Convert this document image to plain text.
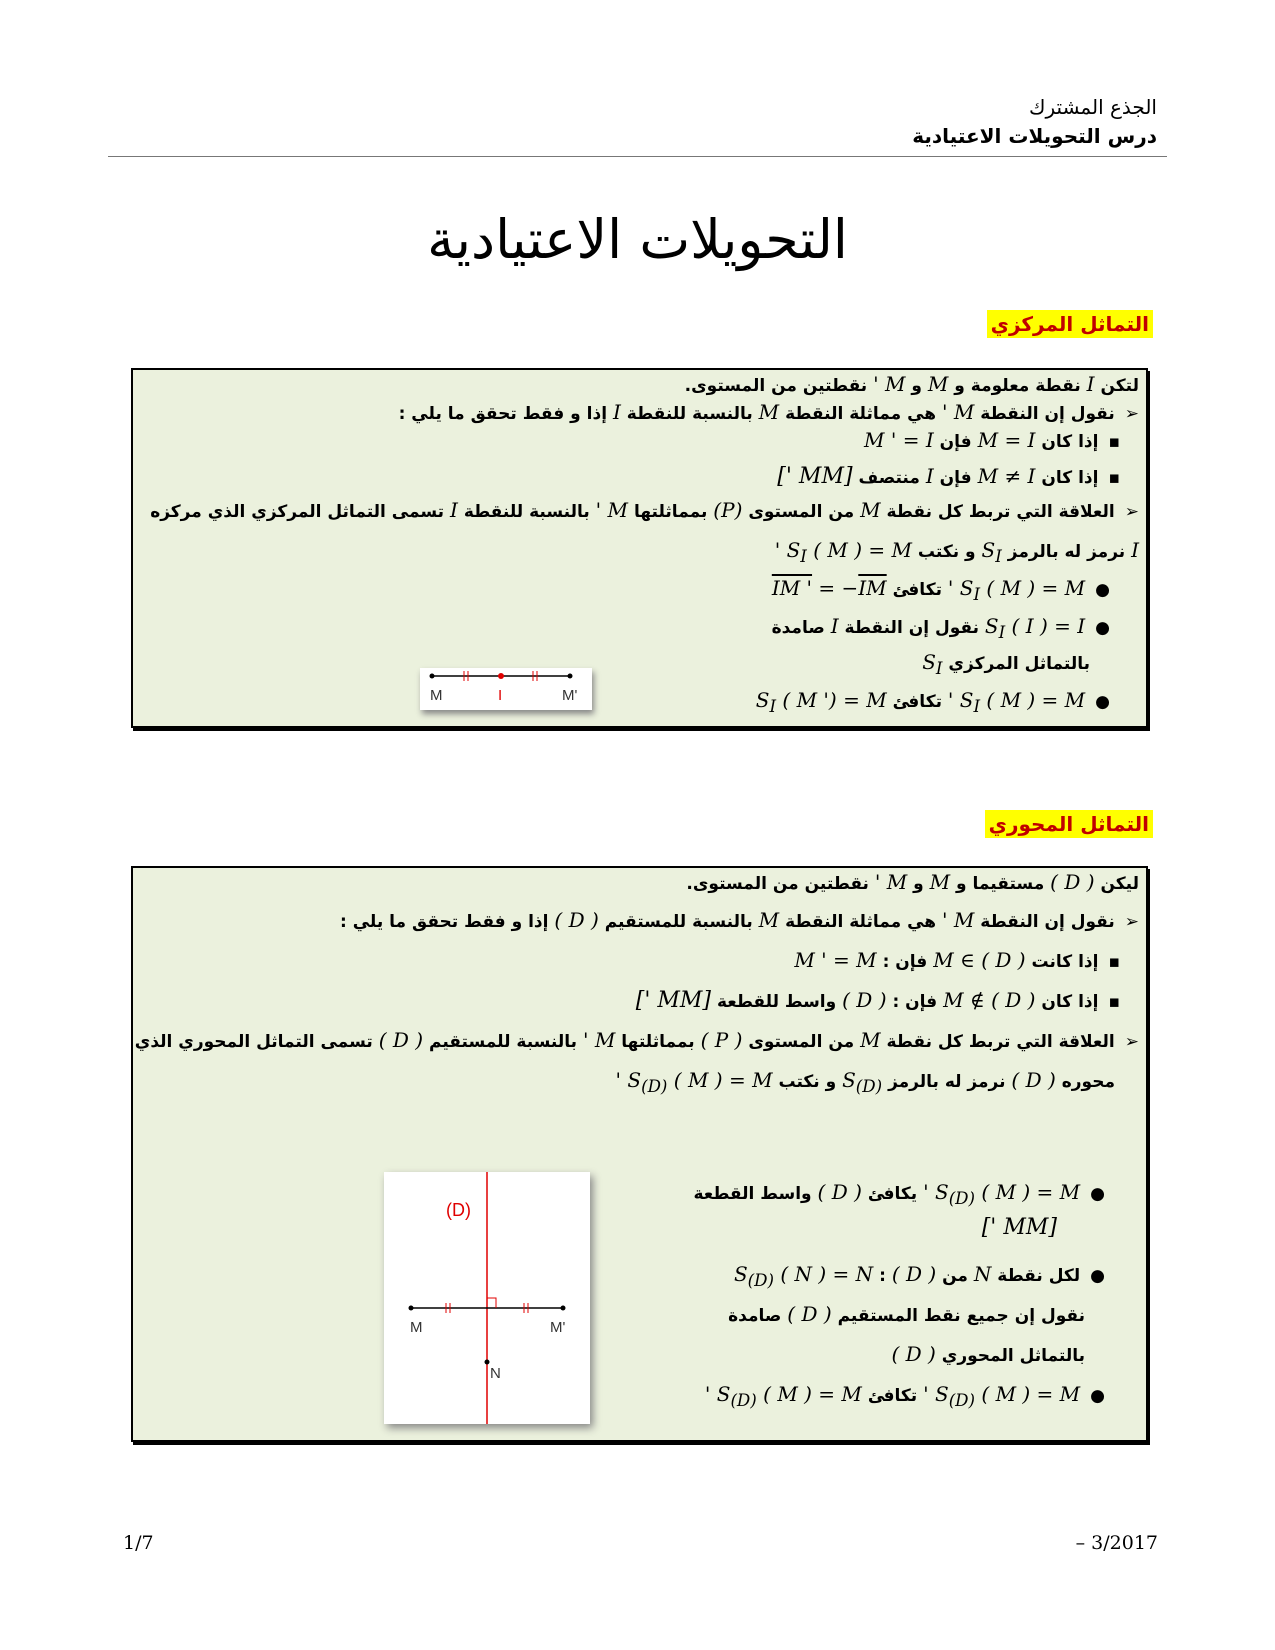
الجذع المشترك
درس التحويلات الاعتيادية
التحويلات الاعتيادية
التماثل المركزي
لتكن I نقطة معلومة و M و M ' نقطتين من المستوى.
➢نقول إن النقطة M ' هي مماثلة النقطة M بالنسبة للنقطة I إذا و فقط تحقق ما يلي :
▪إذا كان M = I فإن M ' = I
▪إذا كان M ≠ I فإن I منتصف [MM ']
➢العلاقة التي تربط كل نقطة M من المستوى (P) بمماثلتها M ' بالنسبة للنقطة I تسمى التماثل المركزي الذي مركزه
I نرمز له بالرمز $S_I$ و نكتب $S_I$ ( M ) = M '
$●S_I$ ( M ) = M ' تكافئ IM ' = −IM
$●S_I$ ( I ) = I نقول إن النقطة I صامدة
بالتماثل المركزي $S_I$
$●S_I$ ( M ) = M ' تكافئ $S_I$ ( M ') = M
M	I	M'
التماثل المحوري
ليكن ( D ) مستقيما و M و M ' نقطتين من المستوى.
➢نقول إن النقطة M ' هي مماثلة النقطة M بالنسبة للمستقيم ( D ) إذا و فقط تحقق ما يلي :
▪إذا كانت M ∈ ( D ) فإن : M ' = M
▪إذا كان M ∉ ( D ) فإن : ( D ) واسط للقطعة [MM ']
➢العلاقة التي تربط كل نقطة M من المستوى ( P ) بمماثلتها M ' بالنسبة للمستقيم ( D ) تسمى التماثل المحوري الذي
محوره ( D ) نرمز له بالرمز $S_{(D)}$ و نكتب $S_{(D)}$ ( M ) = M '
$●S_{(D)}$ ( M ) = M ' يكافئ ( D ) واسط القطعة
[MM ']
●لكل نقطة N من ( D ) : $S_{(D)}$ ( N ) = N
نقول إن جميع نقط المستقيم ( D ) صامدة
بالتماثل المحوري ( D )
$●S_{(D)}$ ( M ) = M ' تكافئ $S_{(D)}$ ( M ) = M '
(D)
M	M'
N
1/7	– 3/2017
